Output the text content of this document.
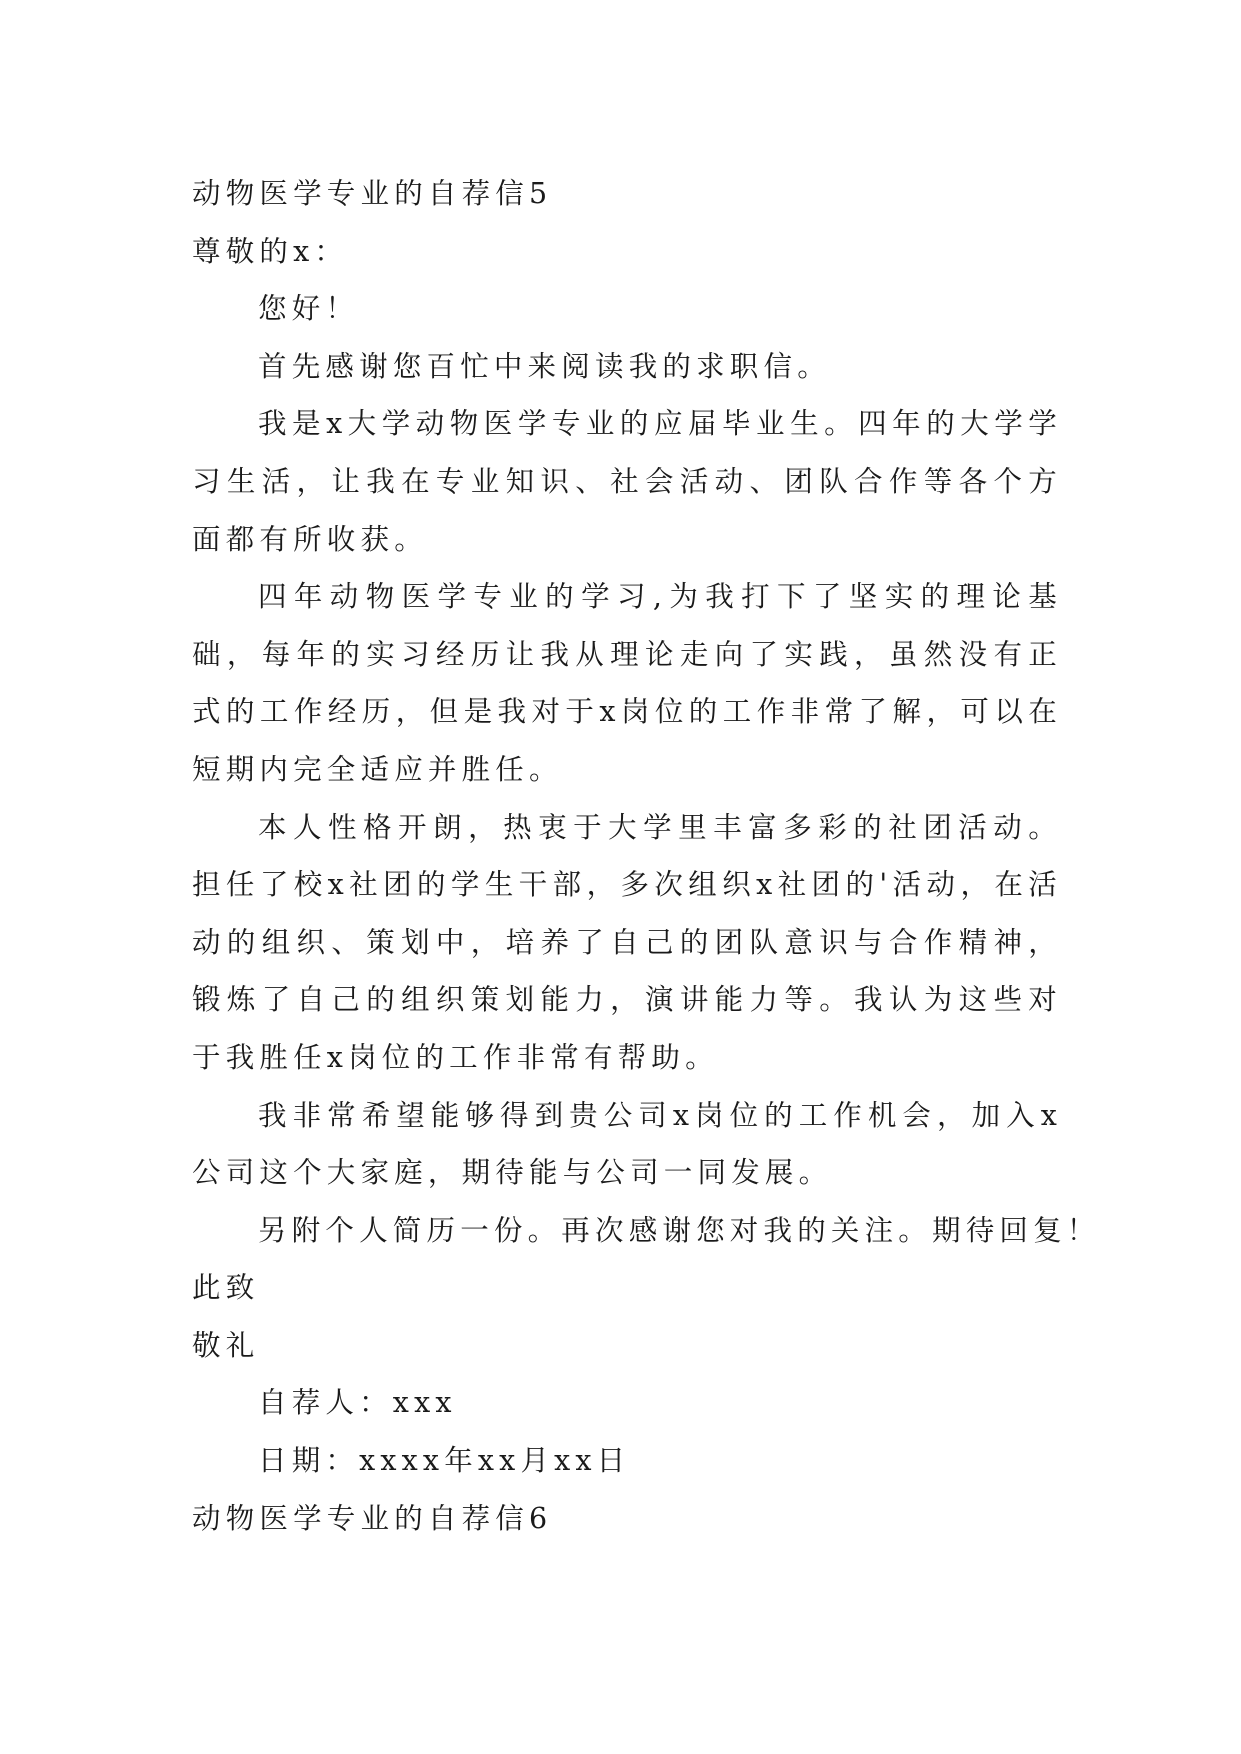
动物医学专业的自荐信5
尊敬的x：
您好！
首先感谢您百忙中来阅读我的求职信。
我是x大学动物医学专业的应届毕业生。四年的大学学习生活，让我在专业知识、社会活动、团队合作等各个方面都有所收获。
四年动物医学专业的学习,为我打下了坚实的理论基础，每年的实习经历让我从理论走向了实践，虽然没有正式的工作经历，但是我对于x岗位的工作非常了解，可以在短期内完全适应并胜任。
本人性格开朗，热衷于大学里丰富多彩的社团活动。担任了校x社团的学生干部，多次组织x社团的'活动，在活动的组织、策划中，培养了自己的团队意识与合作精神，锻炼了自己的组织策划能力，演讲能力等。我认为这些对于我胜任x岗位的工作非常有帮助。
我非常希望能够得到贵公司x岗位的工作机会，加入x公司这个大家庭，期待能与公司一同发展。
另附个人简历一份。再次感谢您对我的关注。期待回复！
此致
敬礼
自荐人：xxx
日期：xxxx年xx月xx日
动物医学专业的自荐信6
